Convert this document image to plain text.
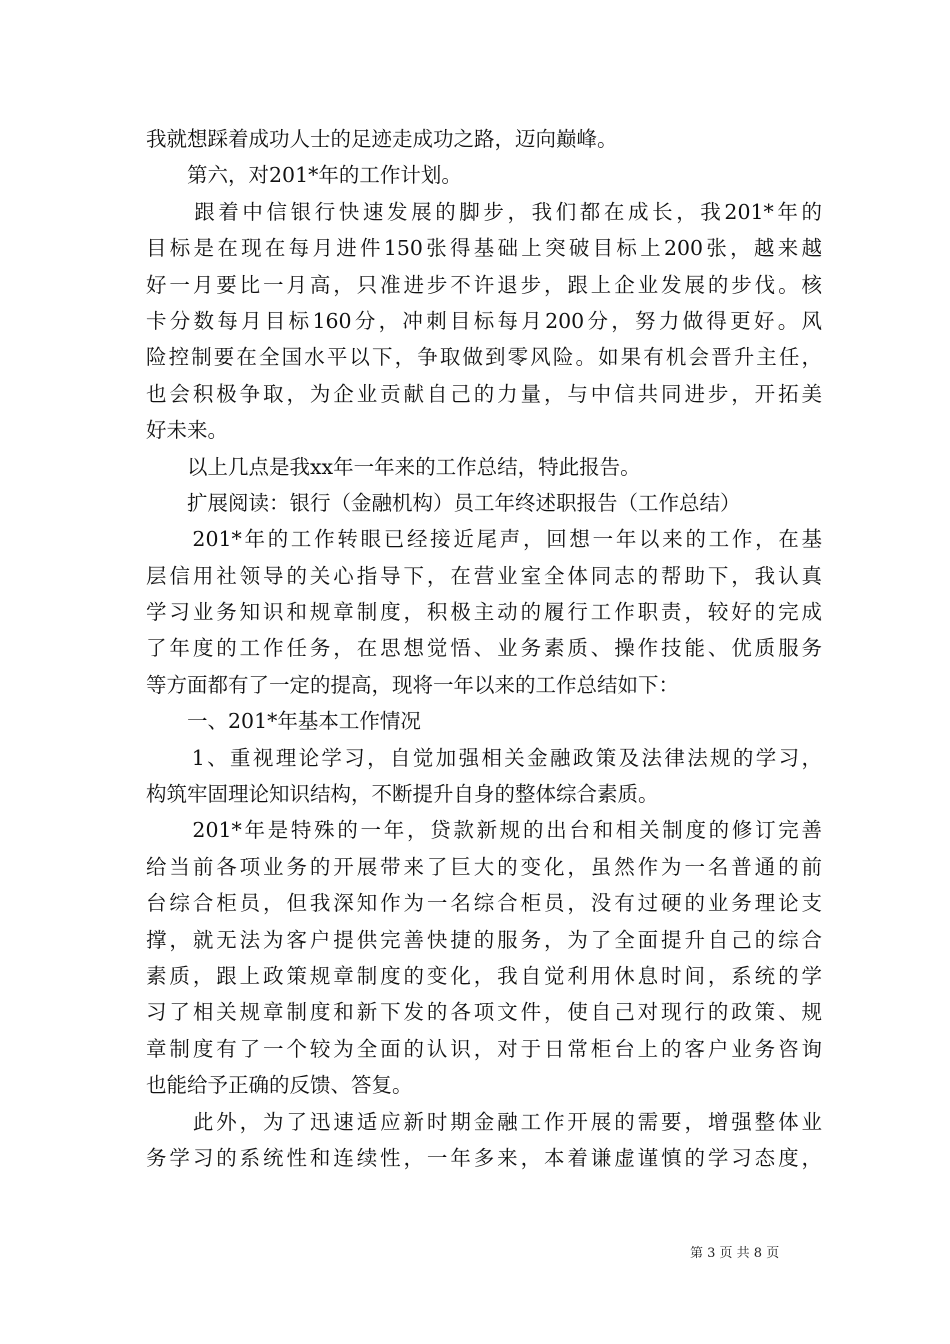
我就想踩着成功人士的足迹走成功之路，迈向巅峰。
　　第六，对201*年的工作计划。
　　跟着中信银行快速发展的脚步，我们都在成长，我201*年的
目标是在现在每月进件150张得基础上突破目标上200张，越来越
好一月要比一月高，只准进步不许退步，跟上企业发展的步伐。核
卡分数每月目标160分，冲刺目标每月200分，努力做得更好。风
险控制要在全国水平以下，争取做到零风险。如果有机会晋升主任，
也会积极争取，为企业贡献自己的力量，与中信共同进步，开拓美
好未来。
　　以上几点是我xx年一年来的工作总结，特此报告。
　　扩展阅读：银行（金融机构）员工年终述职报告（工作总结）
　　201*年的工作转眼已经接近尾声，回想一年以来的工作，在基
层信用社领导的关心指导下，在营业室全体同志的帮助下，我认真
学习业务知识和规章制度，积极主动的履行工作职责，较好的完成
了年度的工作任务，在思想觉悟、业务素质、操作技能、优质服务
等方面都有了一定的提高，现将一年以来的工作总结如下：
　　一、201*年基本工作情况
　　1、重视理论学习，自觉加强相关金融政策及法律法规的学习，
构筑牢固理论知识结构，不断提升自身的整体综合素质。
　　201*年是特殊的一年，贷款新规的出台和相关制度的修订完善
给当前各项业务的开展带来了巨大的变化，虽然作为一名普通的前
台综合柜员，但我深知作为一名综合柜员，没有过硬的业务理论支
撑，就无法为客户提供完善快捷的服务，为了全面提升自己的综合
素质，跟上政策规章制度的变化，我自觉利用休息时间，系统的学
习了相关规章制度和新下发的各项文件，使自己对现行的政策、规
章制度有了一个较为全面的认识，对于日常柜台上的客户业务咨询
也能给予正确的反馈、答复。
　　此外，为了迅速适应新时期金融工作开展的需要，增强整体业
务学习的系统性和连续性，一年多来，本着谦虚谨慎的学习态度，
第 3 页 共 8 页
